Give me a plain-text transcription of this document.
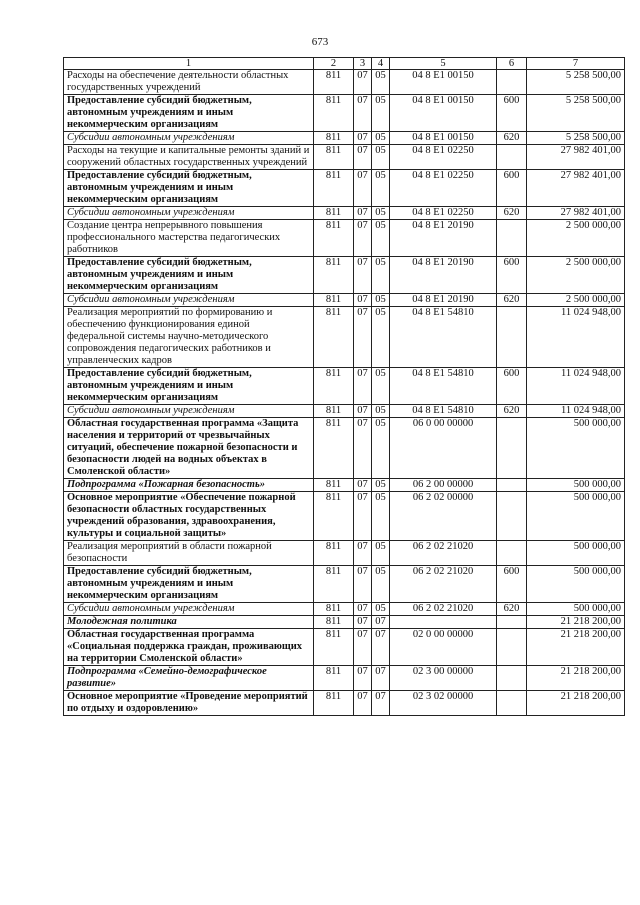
673
1	2	3	4	5	6	7
Расходы на обеспечение деятельности областных государственных учреждений	811	07	05	04 8 Е1 00150		5 258 500,00
Предоставление субсидий бюджетным, автономным учреждениям и иным некоммерческим организациям	811	07	05	04 8 Е1 00150	600	5 258 500,00
Субсидии автономным учреждениям	811	07	05	04 8 Е1 00150	620	5 258 500,00
Расходы на текущие и капитальные ремонты зданий и сооружений областных государственных учреждений	811	07	05	04 8 Е1 02250		27 982 401,00
Предоставление субсидий бюджетным, автономным учреждениям и иным некоммерческим организациям	811	07	05	04 8 Е1 02250	600	27 982 401,00
Субсидии автономным учреждениям	811	07	05	04 8 Е1 02250	620	27 982 401,00
Создание центра непрерывного повышения профессионального мастерства педагогических работников	811	07	05	04 8 Е1 20190		2 500 000,00
Предоставление субсидий бюджетным, автономным учреждениям и иным некоммерческим организациям	811	07	05	04 8 Е1 20190	600	2 500 000,00
Субсидии автономным учреждениям	811	07	05	04 8 Е1 20190	620	2 500 000,00
Реализация мероприятий по формированию и обеспечению функционирования единой федеральной системы научно-методического сопровождения педагогических работников и управленческих кадров	811	07	05	04 8 Е1 54810		11 024 948,00
Предоставление субсидий бюджетным, автономным учреждениям и иным некоммерческим организациям	811	07	05	04 8 Е1 54810	600	11 024 948,00
Субсидии автономным учреждениям	811	07	05	04 8 Е1 54810	620	11 024 948,00
Областная государственная программа «Защита населения и территорий от чрезвычайных ситуаций, обеспечение пожарной безопасности и безопасности людей на водных объектах в Смоленской области»	811	07	05	06 0 00 00000		500 000,00
Подпрограмма «Пожарная безопасность»	811	07	05	06 2 00 00000		500 000,00
Основное мероприятие «Обеспечение пожарной безопасности областных государственных учреждений образования, здравоохранения, культуры и социальной защиты»	811	07	05	06 2 02 00000		500 000,00
Реализация мероприятий в области пожарной безопасности	811	07	05	06 2 02 21020		500 000,00
Предоставление субсидий бюджетным, автономным учреждениям и иным некоммерческим организациям	811	07	05	06 2 02 21020	600	500 000,00
Субсидии автономным учреждениям	811	07	05	06 2 02 21020	620	500 000,00
Молодежная политика	811	07	07			21 218 200,00
Областная государственная программа «Социальная поддержка граждан, проживающих на территории Смоленской области»	811	07	07	02 0 00 00000		21 218 200,00
Подпрограмма «Семейно-демографическое развитие»	811	07	07	02 3 00 00000		21 218 200,00
Основное мероприятие «Проведение мероприятий по отдыху и оздоровлению»	811	07	07	02 3 02 00000		21 218 200,00
